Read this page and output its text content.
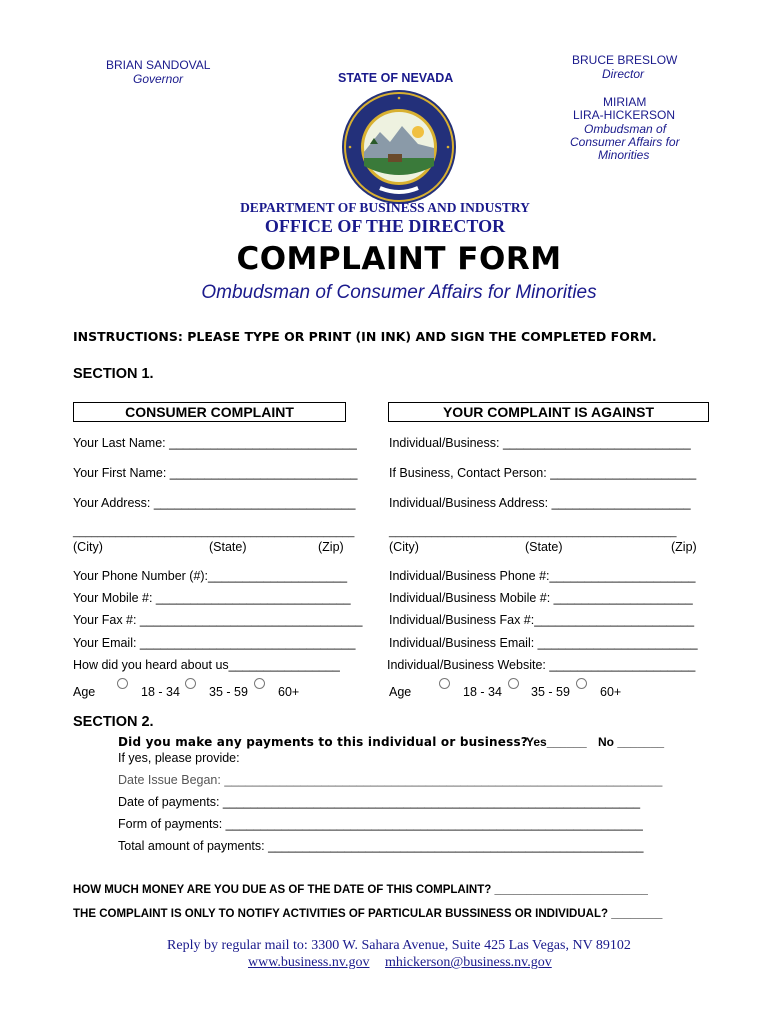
BRIAN SANDOVAL
Governor	STATE OF NEVADA
BRUCE BRESLOW
Director
MIRIAM
LIRA-HICKERSON
Ombudsman of
Consumer Affairs for
Minorities
DEPARTMENT OF BUSINESS AND INDUSTRY
OFFICE OF THE DIRECTOR
COMPLAINT FORM
Ombudsman of Consumer Affairs for Minorities
INSTRUCTIONS: PLEASE TYPE OR PRINT (IN INK) AND SIGN THE COMPLETED FORM.
SECTION 1.
CONSUMER COMPLAINT	YOUR COMPLAINT IS AGAINST
Your Last Name: ___________________________
Your First Name: ___________________________
Your Address: _____________________________
______________________________________________
(City)	(State)	(Zip)
Your Phone Number (#):____________________
Your Mobile #: ____________________________
Your Fax #: ________________________________
Your Email: _______________________________
How did you heard about us________________
Age	18 - 34 35 - 59 60+
Individual/Business: ___________________________
If Business, Contact Person: _____________________
Individual/Business Address: ____________________
_______________________________________________
(City)	(State)	(Zip)
Individual/Business Phone #:_____________________
Individual/Business Mobile #: ____________________
Individual/Business Fax #:_______________________
Individual/Business Email: _______________________
Individual/Business Website: _____________________
Age	18 - 34 35 - 59 60+
SECTION 2.
Did you make any payments to this individual or business?
Yes______ No _______
If yes, please provide:
Date Issue Began: _______________________________________________________________
Date of payments: ____________________________________________________________
Form of payments: ____________________________________________________________
Total amount of payments: ______________________________________________________
HOW MUCH MONEY ARE YOU DUE AS OF THE DATE OF THIS COMPLAINT? ________________________
THE COMPLAINT IS ONLY TO NOTIFY ACTIVITIES OF PARTICULAR BUSSINESS OR INDIVIDUAL? ________
Reply by regular mail to: 3300 W. Sahara Avenue, Suite 425 Las Vegas, NV 89102
www.business.nv.gov mhickerson@business.nv.gov
